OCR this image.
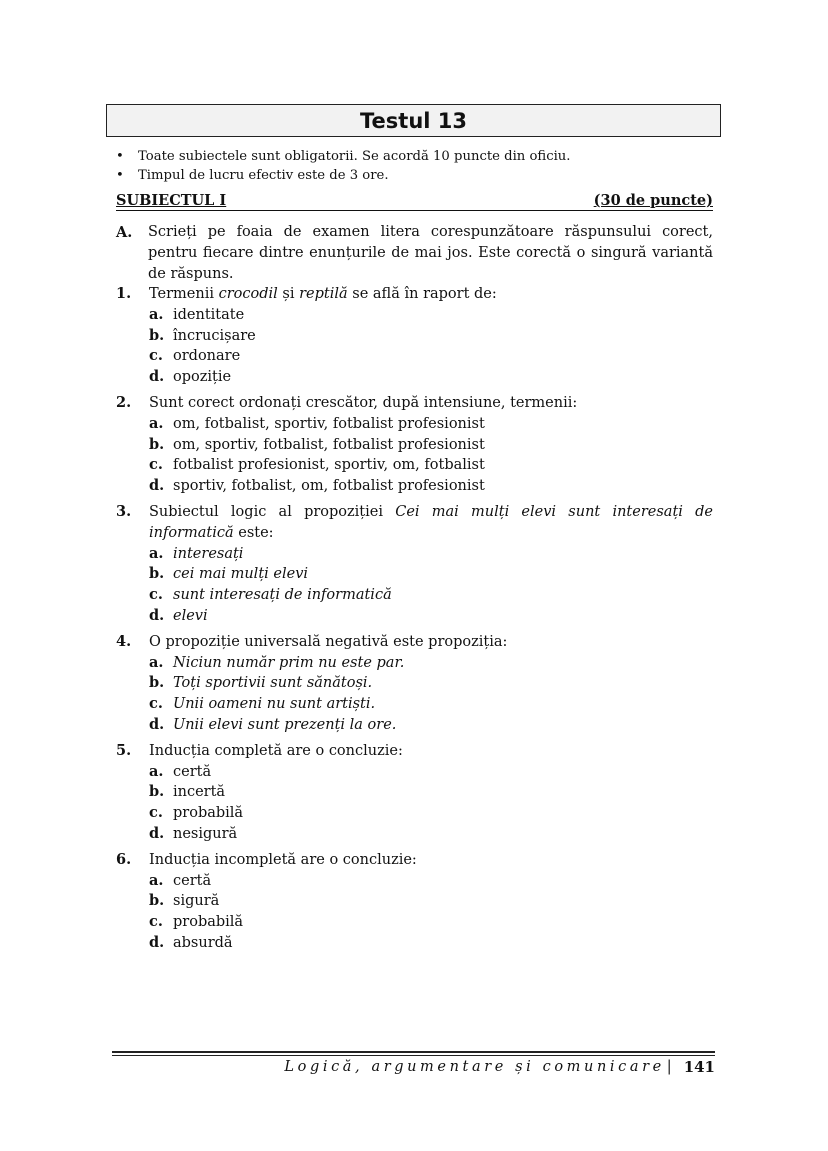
Testul 13
•	Toate subiectele sunt obligatorii. Se acordă 10 puncte din oficiu.
•	Timpul de lucru efectiv este de 3 ore.
SUBIECTUL I	(30 de puncte)
A.	Scrieți pe foaia de examen litera corespunzătoare răspunsului corect, pentru fiecare dintre enunțurile de mai jos. Este corectă o singură variantă de răspuns.
1.	Termenii crocodil și reptilă se află în raport de:
a. identitate
b. încrucișare
c. ordonare
d. opoziție
2.	Sunt corect ordonați crescător, după intensiune, termenii:
a. om, fotbalist, sportiv, fotbalist profesionist
b. om, sportiv, fotbalist, fotbalist profesionist
c. fotbalist profesionist, sportiv, om, fotbalist
d. sportiv, fotbalist, om, fotbalist profesionist
3.	Subiectul logic al propoziției Cei mai mulți elevi sunt interesați de informatică este:
a. interesați
b. cei mai mulți elevi
c. sunt interesați de informatică
d. elevi
4.	O propoziție universală negativă este propoziția:
a. Niciun număr prim nu este par.
b. Toți sportivii sunt sănătoși.
c. Unii oameni nu sunt artiști.
d. Unii elevi sunt prezenți la ore.
5.	Inducția completă are o concluzie:
a. certă
b. incertă
c. probabilă
d. nesigură
6.	Inducția incompletă are o concluzie:
a. certă
b. sigură
c. probabilă
d. absurdă
Logică, argumentare și comunicare | 141
